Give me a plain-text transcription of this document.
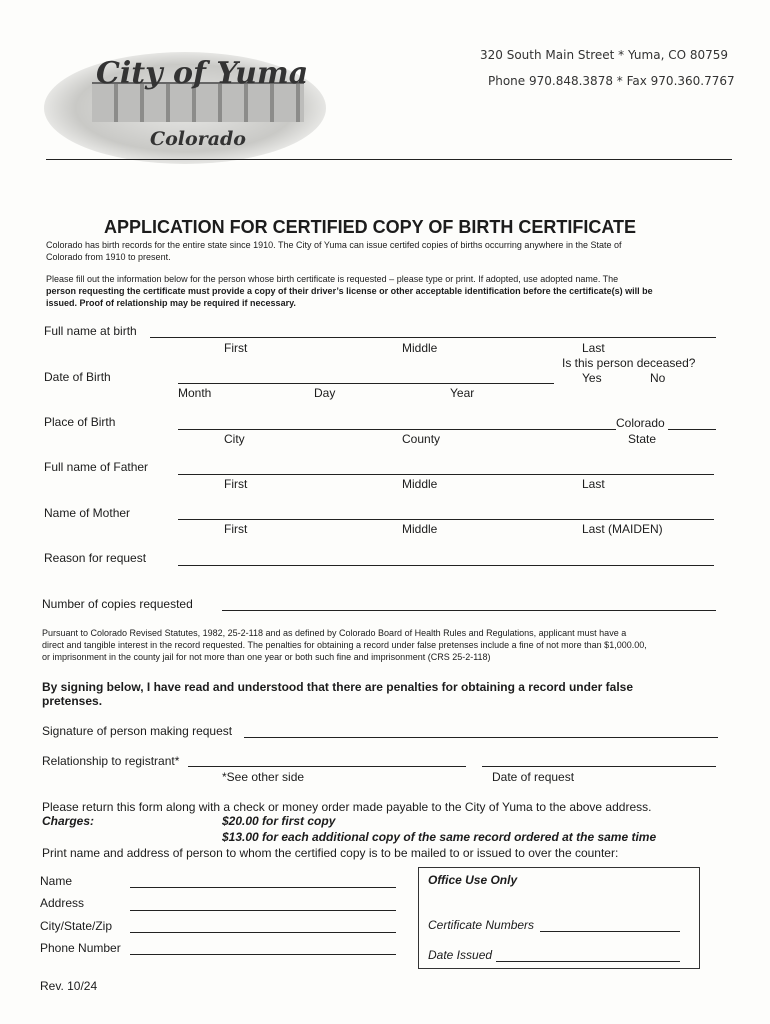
City of Yuma
Colorado
320 South Main Street * Yuma, CO 80759
Phone 970.848.3878 * Fax 970.360.7767
APPLICATION FOR CERTIFIED COPY OF BIRTH CERTIFICATE
Colorado has birth records for the entire state since 1910. The City of Yuma can issue certifed copies of births occurring anywhere in the State of
Colorado from 1910 to present.
Please fill out the information below for the person whose birth certificate is requested – please type or print. If adopted, use adopted name. The
person requesting the certificate must provide a copy of their driver’s license or other acceptable identification before the certificate(s) will be
issued. Proof of relationship may be required if necessary.
Full name at birth
First	Middle	Last
Is this person deceased?
Yes	No
Date of Birth
Month	Day	Year
Place of Birth	Colorado
City	County	State
Full name of Father
First	Middle	Last
Name of Mother
First	Middle	Last (MAIDEN)
Reason for request
Number of copies requested
Pursuant to Colorado Revised Statutes, 1982, 25-2-118 and as defined by Colorado Board of Health Rules and Regulations, applicant must have a
direct and tangible interest in the record requested. The penalties for obtaining a record under false pretenses include a fine of not more than $1,000.00,
or imprisonment in the county jail for not more than one year or both such fine and imprisonment (CRS 25-2-118)
By signing below, I have read and understood that there are penalties for obtaining a record under false
pretenses.
Signature of person making request
Relationship to registrant*
*See other side	Date of request
Please return this form along with a check or money order made payable to the City of Yuma to the above address.
Charges:	$20.00 for first copy
$13.00 for each additional copy of the same record ordered at the same time
Print name and address of person to whom the certified copy is to be mailed to or issued to over the counter:
Name
Address
City/State/Zip
Phone Number
Office Use Only
Certificate Numbers
Date Issued
Rev. 10/24
